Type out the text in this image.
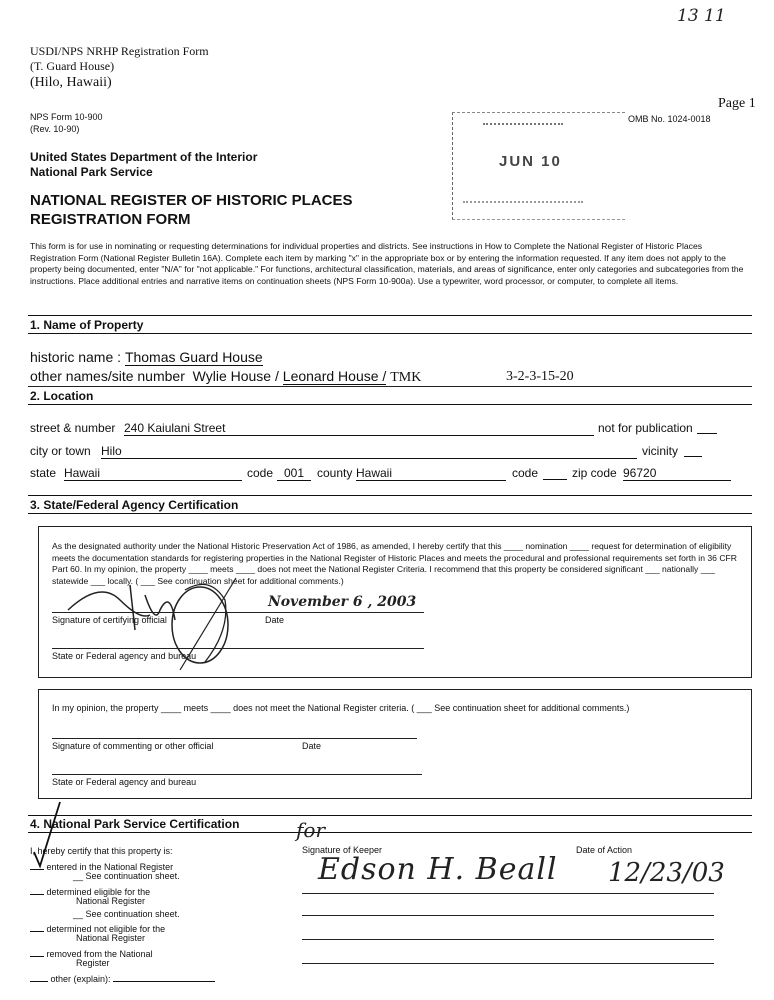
13 11
USDI/NPS NRHP Registration Form
(T. Guard House)
(Hilo, Hawaii)
Page 1
NPS Form 10-900
(Rev. 10-90)
OMB No. 1024-0018
United States Department of the Interior
National Park Service
NATIONAL REGISTER OF HISTORIC PLACES
REGISTRATION FORM
JUN 10
This form is for use in nominating or requesting determinations for individual properties and districts. See instructions in How to Complete the National Register of Historic Places Registration Form (National Register Bulletin 16A). Complete each item by marking "x" in the appropriate box or by entering the information requested. If any item does not apply to the property being documented, enter "N/A" for "not applicable." For functions, architectural classification, materials, and areas of significance, enter only categories and subcategories from the instructions. Place additional entries and narrative items on continuation sheets (NPS Form 10-900a). Use a typewriter, word processor, or computer, to complete all items.
1. Name of Property
historic name : Thomas Guard House
other names/site number Wylie House / Leonard House / TMK	3-2-3-15-20
2. Location
street & number 240 Kaiulani Street	not for publication
city or town Hilo	vicinity
state Hawaii	code 001	county Hawaii	code	zip code 96720
3. State/Federal Agency Certification
As the designated authority under the National Historic Preservation Act of 1986, as amended, I hereby certify that this ____ nomination ____ request for determination of eligibility meets the documentation standards for registering properties in the National Register of Historic Places and meets the procedural and professional requirements set forth in 36 CFR Part 60. In my opinion, the property ____ meets ____ does not meet the National Register Criteria. I recommend that this property be considered significant ___ nationally ___ statewide ___ locally. ( ___ See continuation sheet for additional comments.)
Signature of certifying official	Date
November 6 , 2003
State or Federal agency and bureau
In my opinion, the property ____ meets ____ does not meet the National Register criteria. ( ___ See continuation sheet for additional comments.)
Signature of commenting or other official	Date
State or Federal agency and bureau
4. National Park Service Certification
I, hereby certify that this property is:
entered in the National Register
__ See continuation sheet.
determined eligible for the
National Register
__ See continuation sheet.
determined not eligible for the
National Register
removed from the National
Register
other (explain):
Signature of Keeper	Date of Action
for
Edson H. Beall 12/23/03
